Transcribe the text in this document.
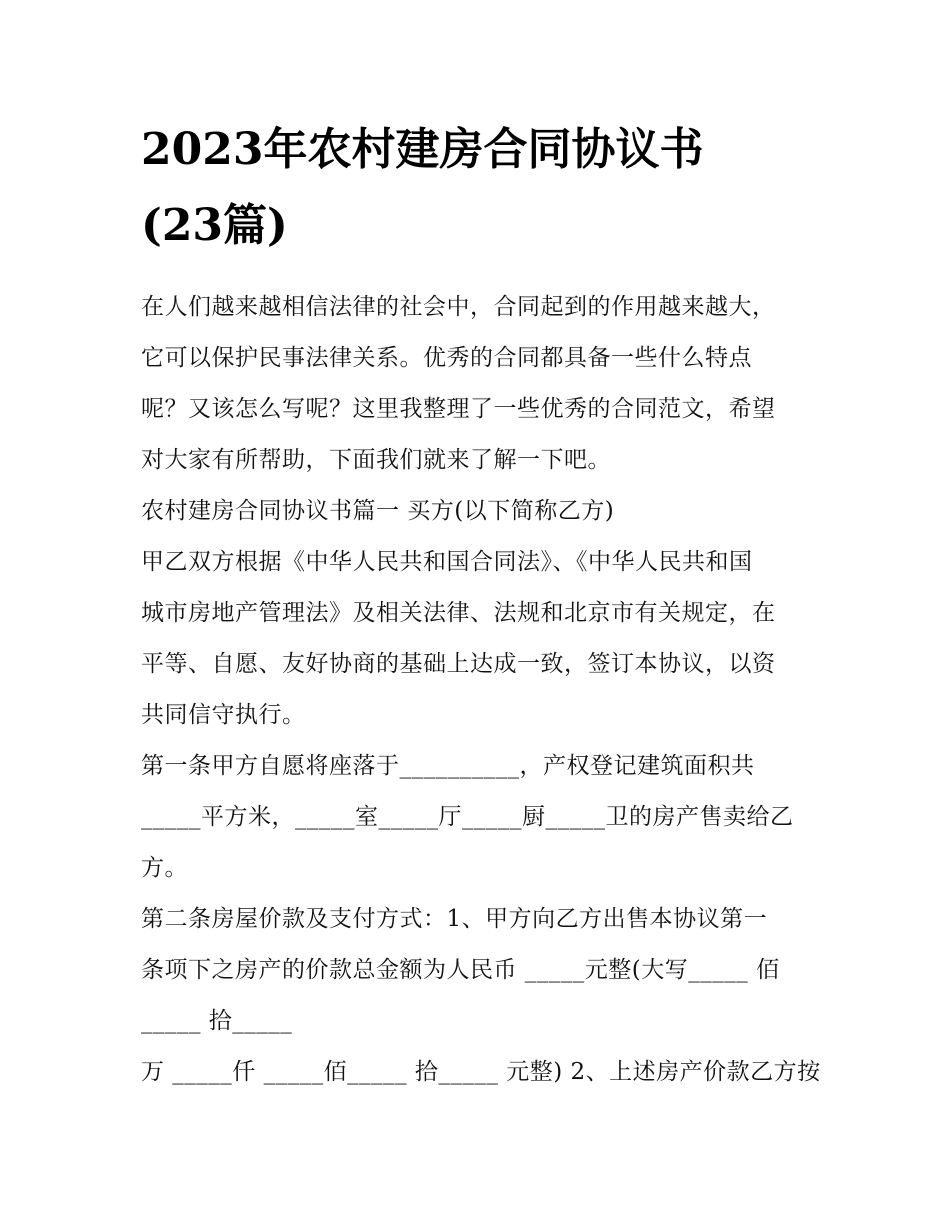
2023年农村建房合同协议书

(23篇)

在人们越来越相信法律的社会中，合同起到的作用越来越大，

它可以保护民事法律关系。优秀的合同都具备一些什么特点

呢？又该怎么写呢？这里我整理了一些优秀的合同范文，希望

对大家有所帮助，下面我们就来了解一下吧。

农村建房合同协议书篇一 买方(以下简称乙方)

甲乙双方根据《中华人民共和国合同法》、《中华人民共和国

城市房地产管理法》及相关法律、法规和北京市有关规定，在

平等、自愿、友好协商的基础上达成一致，签订本协议，以资

共同信守执行。

第一条甲方自愿将座落于__________，产权登记建筑面积共

_____平方米，_____室_____厅_____厨_____卫的房产售卖给乙

方。

第二条房屋价款及支付方式：1、甲方向乙方出售本协议第一

条项下之房产的价款总金额为人民币 _____元整(大写_____ 佰

_____ 拾_____

万 _____仟 _____佰_____ 拾_____ 元整) 2、上述房产价款乙方按
